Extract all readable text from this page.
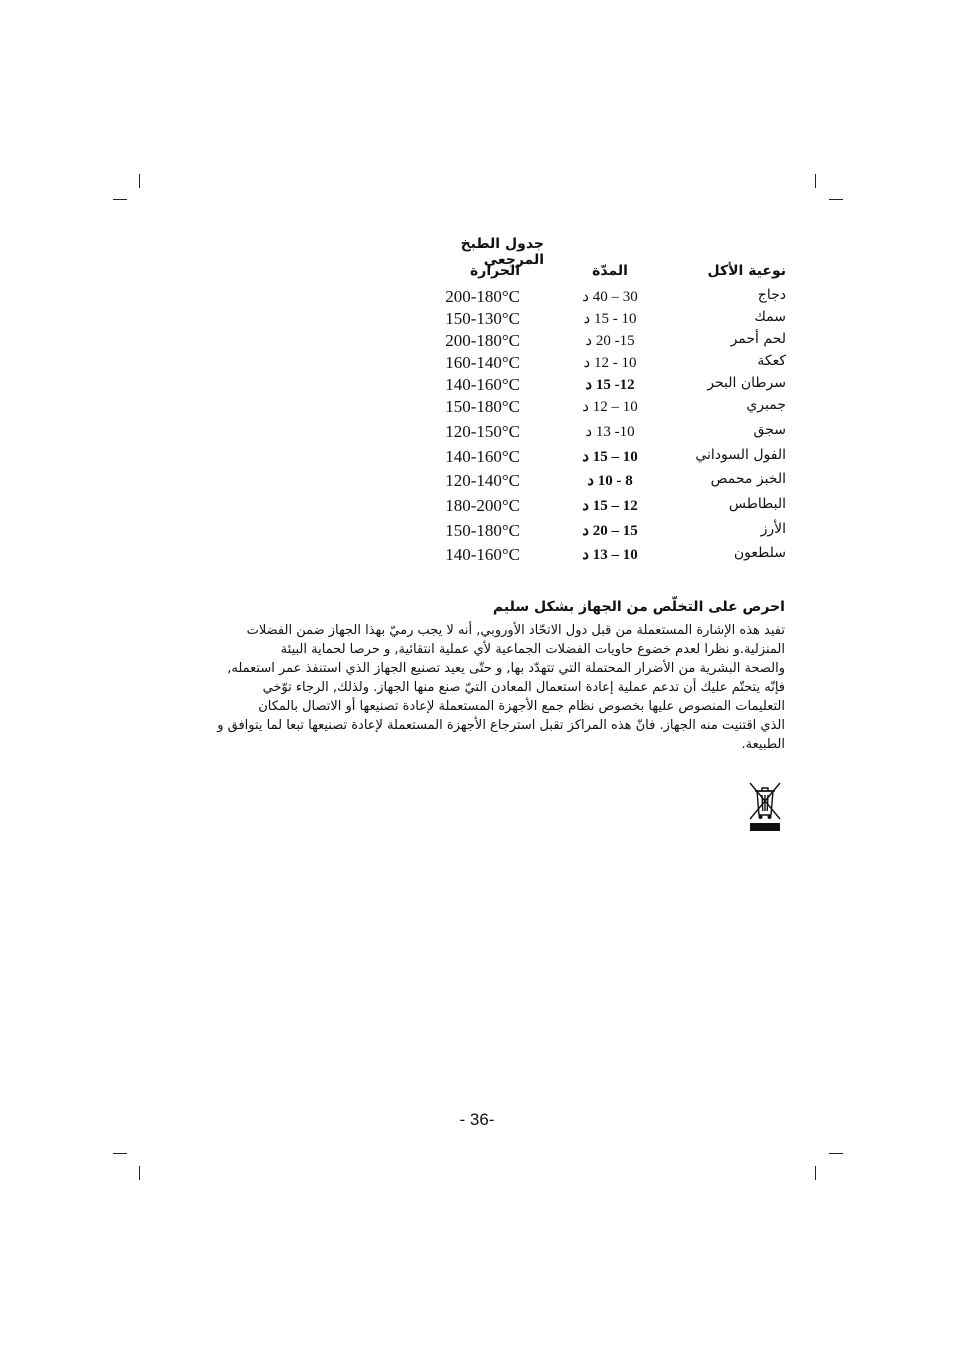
جدول الطبخ المرجعي
نوعية الأكل
المدّة
الحرارة
دجاج
30 – 40 د
200-180°C
سمك
10 - 15 د
150-130°C
لحم أحمر
15- 20 د
200-180°C
كعكة
10 - 12 د
160-140°C
سرطان البحر
12- 15 د
140-160°C
جمبري
10 – 12 د
150-180°C
سجق
10- 13 د
120-150°C
الفول السوداني
10 – 15 د
140-160°C
الخبز محمص
8 - 10 د
120-140°C
البطاطس
12 – 15 د
180-200°C
الأرز
15 – 20 د
150-180°C
سلطعون
10 – 13 د
140-160°C
احرص على التخلّص من الجهاز بشكل سليم
تفيد هذه الإشارة المستعملة من قبل دول الاتحّاد الأوروبي, أنه لا يجب رميّ بهذا الجهاز ضمن الفضلات
المنزلية.و نظرا لعدم خضوع حاويات الفضلات الجماعية لأي عملية انتقائية, و حرصا لحماية البيئة
والصحة البشرية من الأضرار المحتملة التي تتهدّد بها, و حتّى يعيد تصنيع الجهاز الذي استنفذ عمر استعمله,
فإنّه يتحتّم عليك أن تدعم عملية إعادة استعمال المعادن التيّ صنع منها الجهاز. ولذلك, الرجاء توّخي
التعليمات المنصوص عليها بخصوص نظام جمع الأجهزة المستعملة لإعادة تصنيعها أو الاتصال بالمكان
الذي اقتنيت منه الجهاز. فانّ هذه المراكز تقبل استرجاع الأجهزة المستعملة لإعادة تصنيعها تبعا لما يتوافق و
الطبيعة.
- 36-
